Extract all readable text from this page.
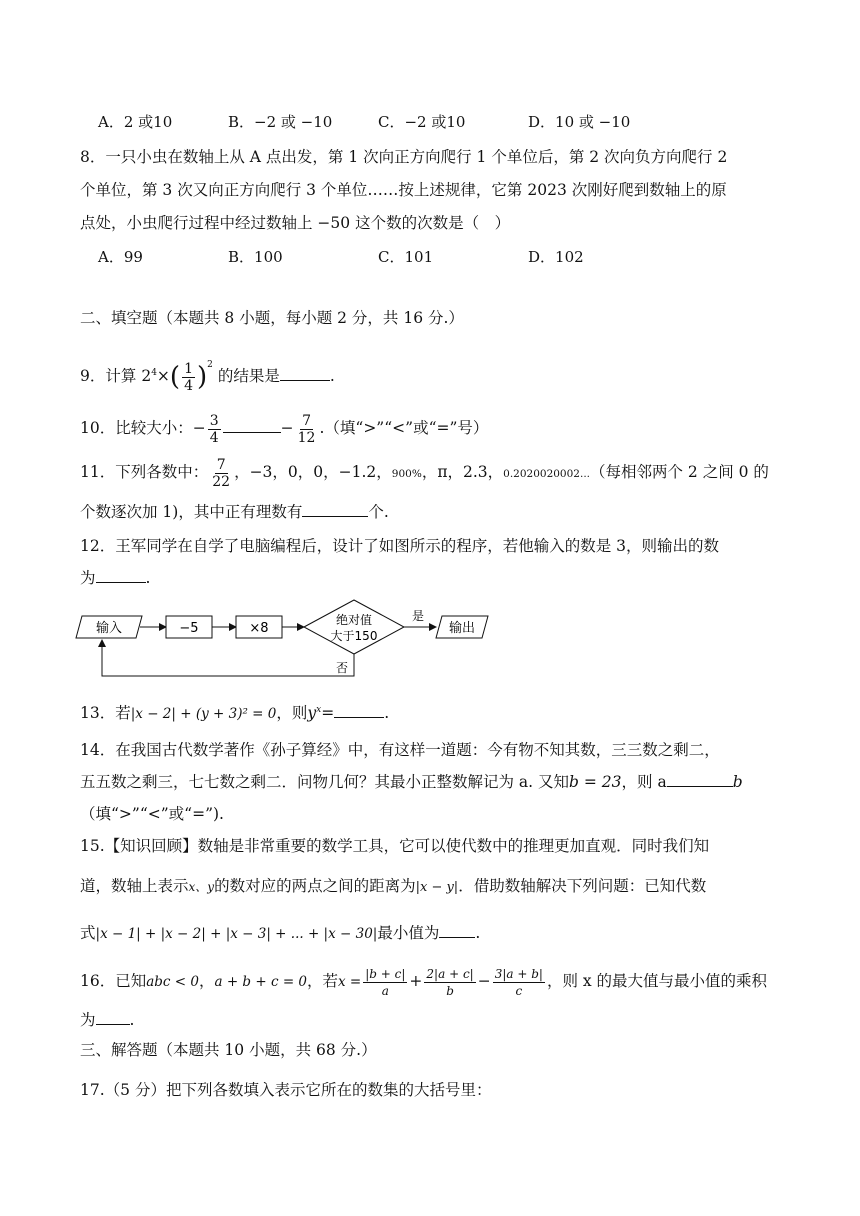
A．2 或10	B．−2 或 −10	C．−2 或10	D．10 或 −10
8．一只小虫在数轴上从 A 点出发，第 1 次向正方向爬行 1 个单位后，第 2 次向负方向爬行 2
个单位，第 3 次又向正方向爬行 3 个单位……按上述规律，它第 2023 次刚好爬到数轴上的原
点处，小虫爬行过程中经过数轴上 −50 这个数的次数是（　）
A．99	B．100	C．101	D．102
二、填空题（本题共 8 小题，每小题 2 分，共 16 分.）
9．计算 $2^4\times( \frac{1}{4} )^2$ 的结果是	.
10．比较大小：− $\frac{3}{4}$	− $\frac{7}{12}$ .（填“>”“<”或“=”号）
11．下列各数中： $\frac{7}{22}$ ，−3，0，0，−1.2，900%，π，2.3，0.2020020002...（每相邻两个 2 之间 0 的
个数逐次加 1)，其中正有理数有	个.
12．王军同学在自学了电脑编程后，设计了如图所示的程序，若他输入的数是 3，则输出的数
为	.
输入	−5	×8
绝对值
大于150
是
输出
否
13．若|x − 2| + (y + 3)² = 0，则$y^x=$	.
14．在我国古代数学著作《孙子算经》中，有这样一道题：今有物不知其数，三三数之剩二，
五五数之剩三，七七数之剩二．问物几何？其最小正整数解记为 a. 又知b = 23，则 a	b
（填“>”“<”或“=”).
15.【知识回顾】数轴是非常重要的数学工具，它可以使代数中的推理更加直观．同时我们知
道，数轴上表示x、y的数对应的两点之间的距离为|x − y|．借助数轴解决下列问题：已知代数
式|x − 1| + |x − 2| + |x − 3| + ... + |x − 30|最小值为 .
16．已知abc < 0，a + b + c = 0，若$x = \frac{|b + c|}{a} + \frac{2|a + c|}{b} - \frac{3|a + b|}{c}$ ，则 x 的最大值与最小值的乘积
为 .
三、解答题（本题共 10 小题，共 68 分.）
17.（5 分）把下列各数填入表示它所在的数集的大括号里：
